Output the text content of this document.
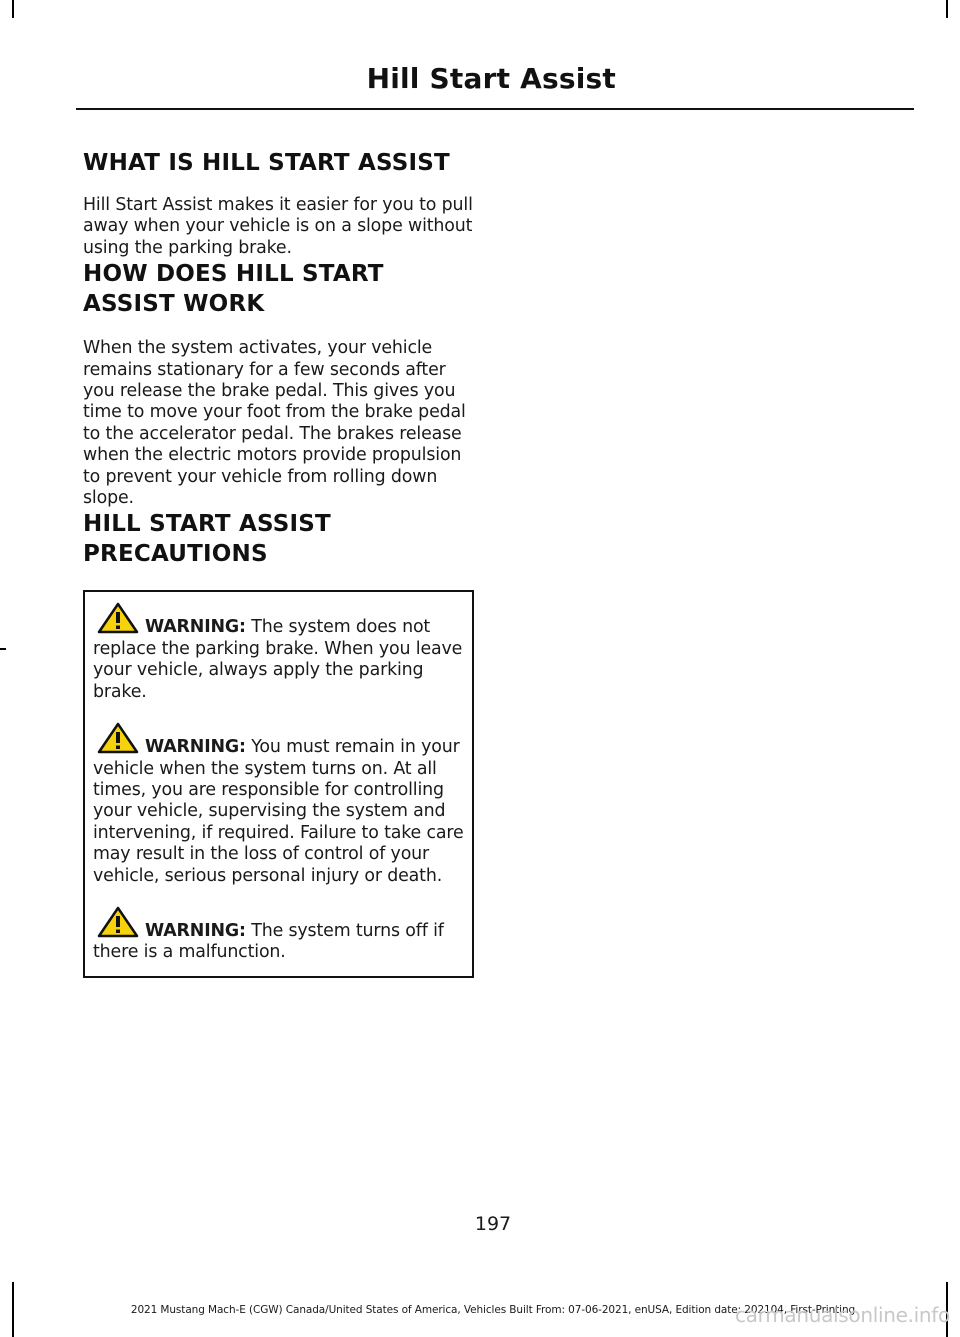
Hill Start Assist
WHAT IS HILL START ASSIST

Hill Start Assist makes it easier for you to pull away when your vehicle is on a slope without using the parking brake.

HOW DOES HILL START
ASSIST WORK

When the system activates, your vehicle remains stationary for a few seconds after you release the brake pedal. This gives you time to move your foot from the brake pedal to the accelerator pedal. The brakes release when the electric motors provide propulsion to prevent your vehicle from rolling down slope.

HILL START ASSIST
PRECAUTIONS

WARNING: The system does not replace the parking brake. When you leave your vehicle, always apply the parking brake.

WARNING: You must remain in your vehicle when the system turns on. At all times, you are responsible for controlling your vehicle, supervising the system and intervening, if required. Failure to take care may result in the loss of control of your vehicle, serious personal injury or death.

WARNING: The system turns off if there is a malfunction.

197
2021 Mustang Mach-E (CGW) Canada/United States of America, Vehicles Built From: 07-06-2021, enUSA, Edition date: 202104, First-Printing
carmanualsonline.info
